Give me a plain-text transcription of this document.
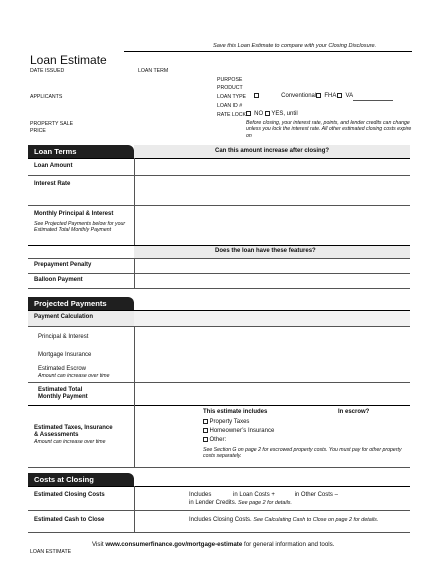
Save this Loan Estimate to compare with your Closing Disclosure.
Loan Estimate
DATE ISSUED	LOAN TERM
APPLICANTS
PROPERTY SALE
PRICE
PURPOSE
PRODUCT
LOAN TYPE
LOAN ID #
RATE LOCK
Conventional FHA VA
NO YES, until
Before closing, your interest rate, points, and lender credits can change unless you lock the interest rate. All other estimated closing costs expire on
Loan Terms	Can this amount increase after closing?
Loan Amount
Interest Rate
Monthly Principal & Interest
See Projected Payments below for your Estimated Total Monthly Payment
Does the loan have these features?
Prepayment Penalty
Balloon Payment
Projected Payments
Payment Calculation
Principal & Interest
Mortgage Insurance
Estimated Escrow
Amount can increase over time
Estimated Total
Monthly Payment
Estimated Taxes, Insurance
& Assessments
Amount can increase over time
This estimate includes	In escrow?
Property Taxes
Homeowner’s Insurance
Other:
See Section G on page 2 for escrowed property costs. You must pay for other property costs separately.
Costs at Closing
Estimated Closing Costs	Includes	in Loan Costs +	in Other Costs –
in Lender Credits. See page 2 for details.
Estimated Cash to Close	Includes Closing Costs. See Calculating Cash to Close on page 2 for details.
Visit www.consumerfinance.gov/mortgage-estimate for general information and tools.
LOAN ESTIMATE
